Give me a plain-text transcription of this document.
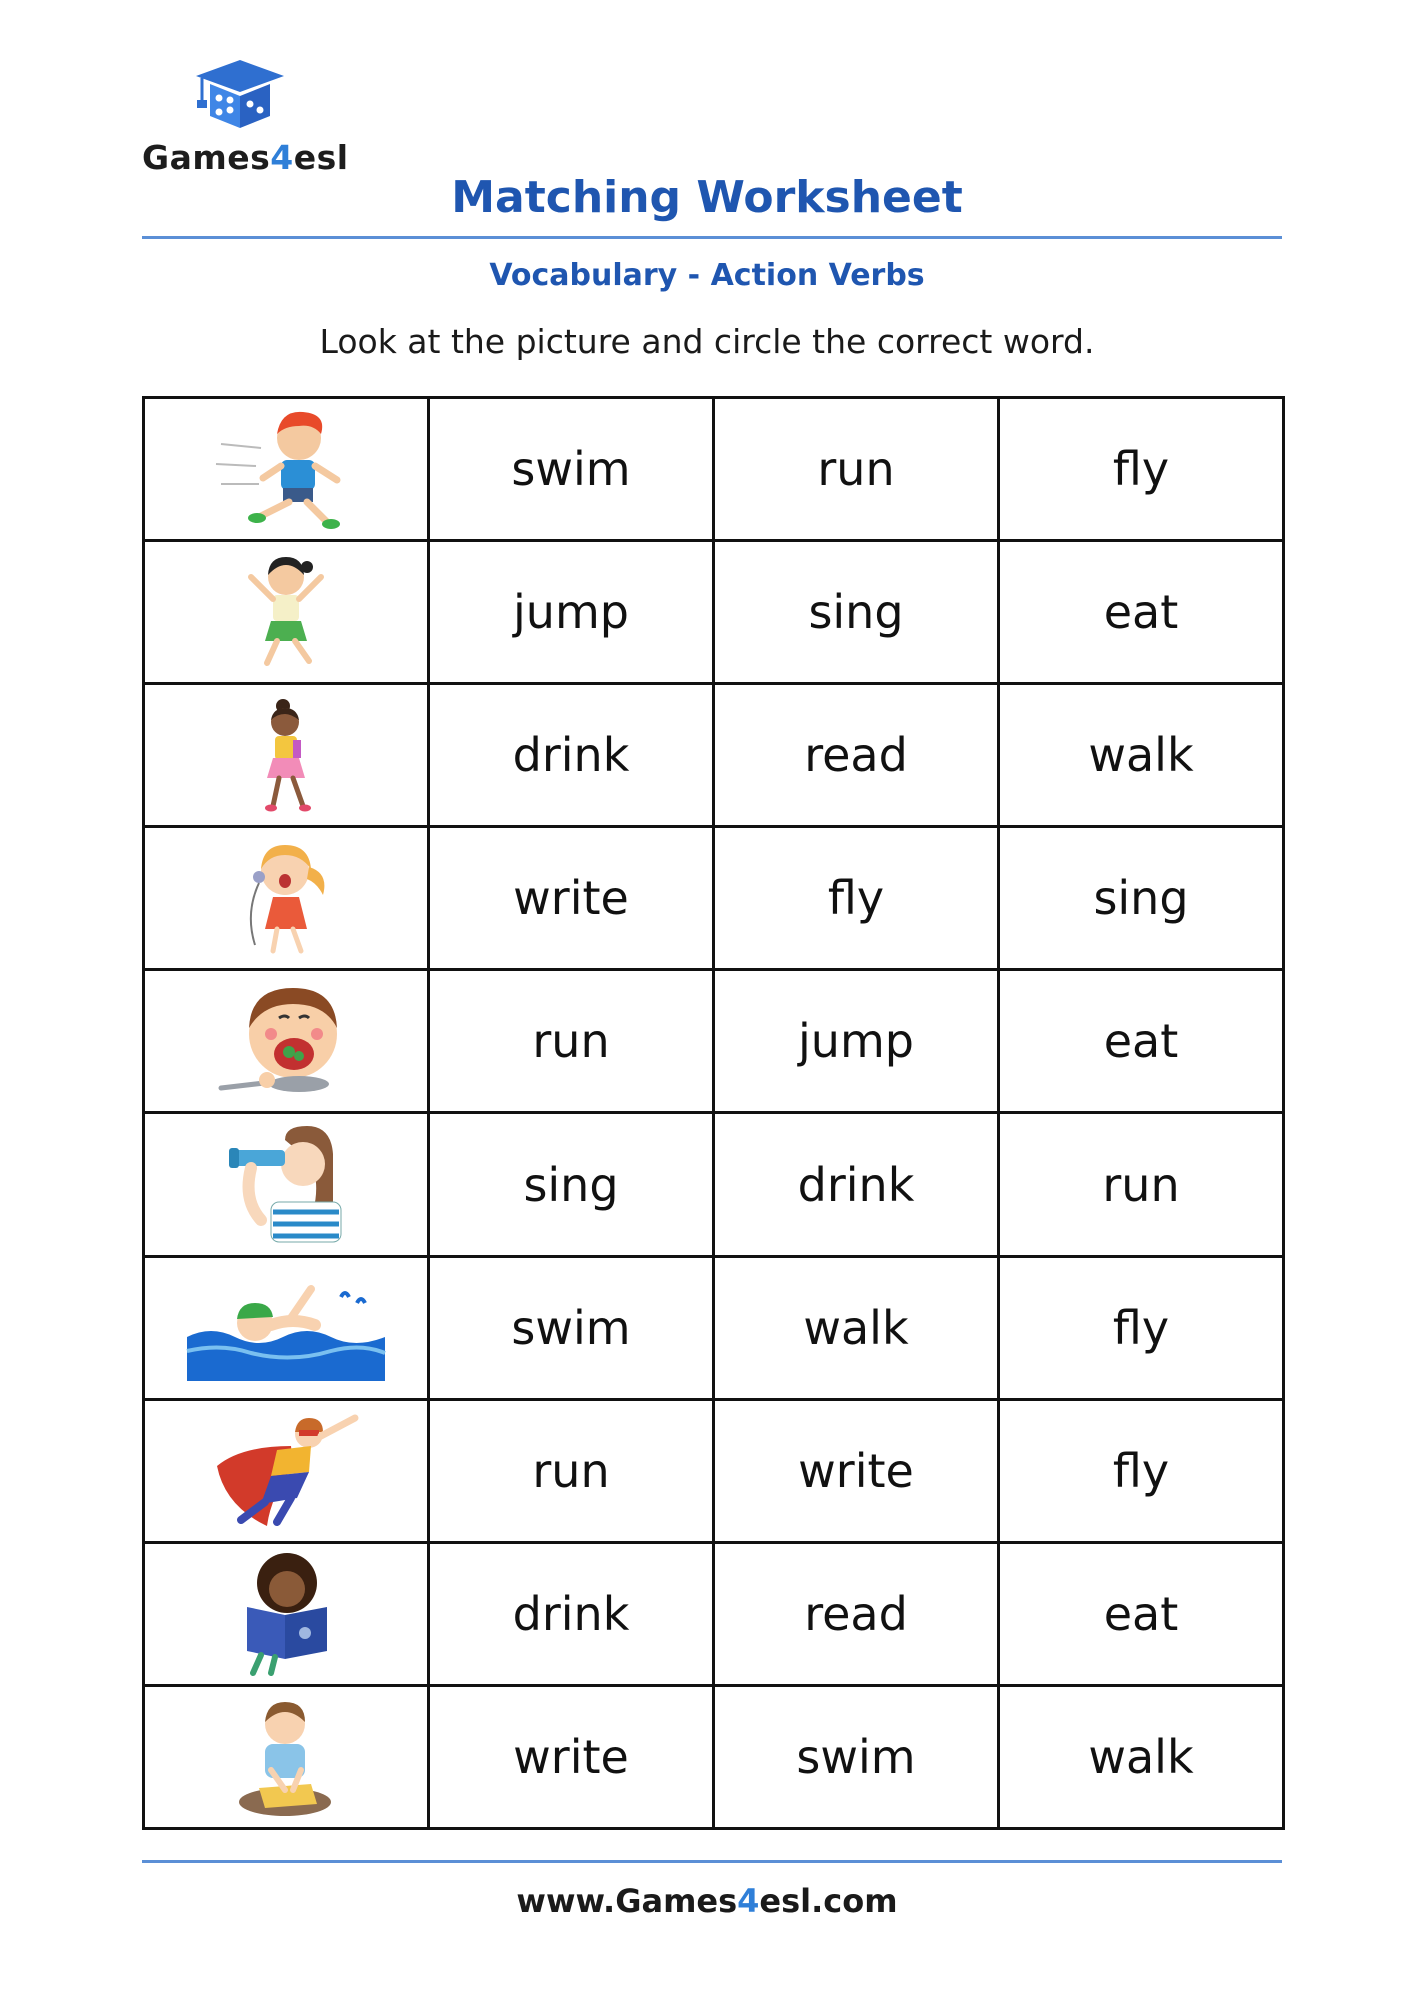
Games4esl
Matching Worksheet
Vocabulary - Action Verbs
Look at the picture and circle the correct word.
	swim	run	fly

	jump	sing	eat

	drink	read	walk

	write	fly	sing

	run	jump	eat

	sing	drink	run

	swim	walk	fly

	run	write	fly

	drink	read	eat

	write	swim	walk
www.Games4esl.com
